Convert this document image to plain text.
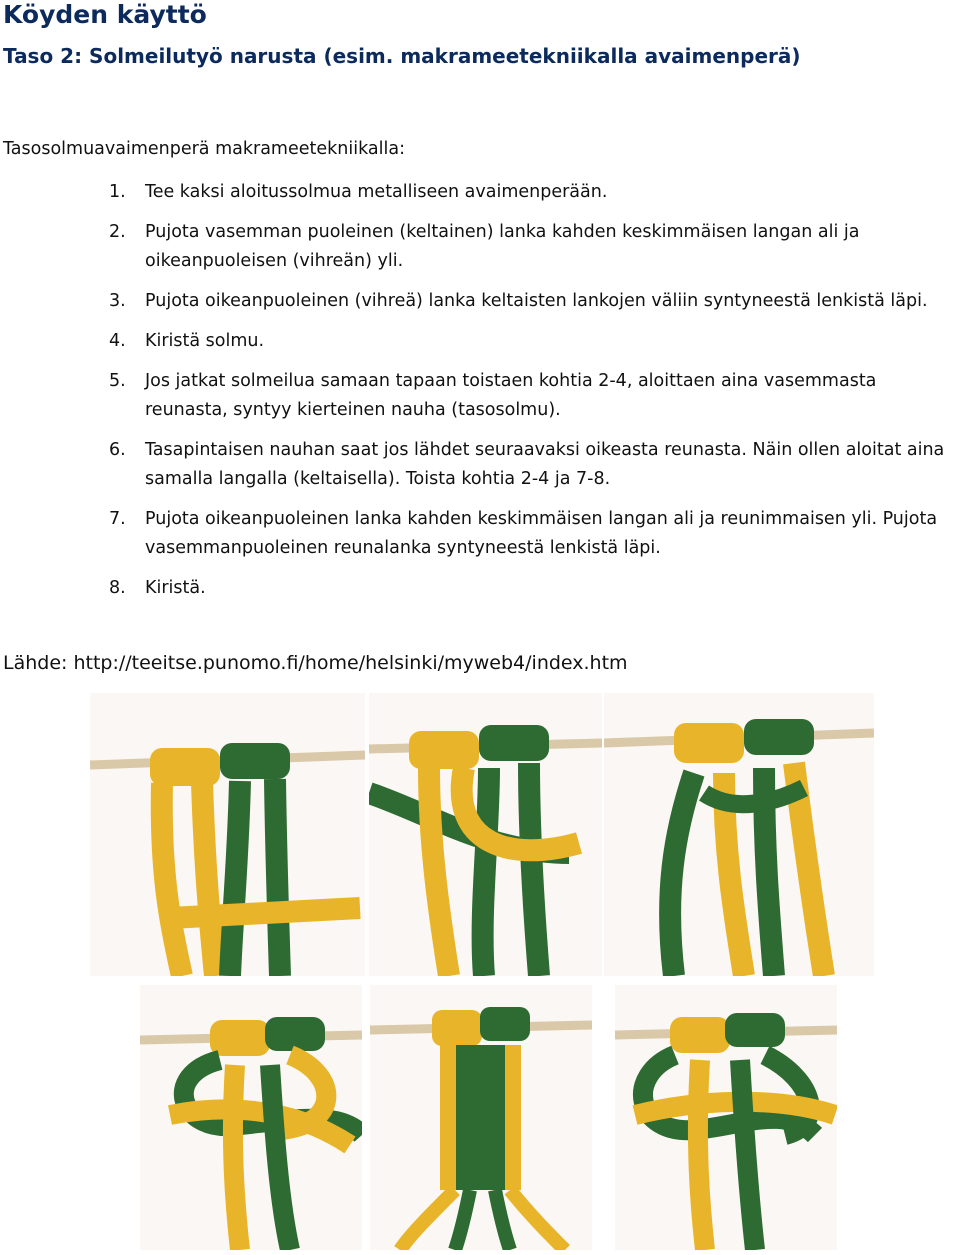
Köyden käyttö
Taso 2: Solmeilutyö narusta (esim. makrameetekniikalla avaimenperä)

Tasosolmuavaimenperä makrameetekniikalla:

1. Tee kaksi aloitussolmua metalliseen avaimenperään.
2. Pujota vasemman puoleinen (keltainen) lanka kahden keskimmäisen langan ali ja oikeanpuoleisen (vihreän) yli.
3. Pujota oikeanpuoleinen (vihreä) lanka keltaisten lankojen väliin syntyneestä lenkistä läpi.
4. Kiristä solmu.
5. Jos jatkat solmeilua samaan tapaan toistaen kohtia 2-4, aloittaen aina vasemmasta reunasta, syntyy kierteinen nauha (tasosolmu).
6. Tasapintaisen nauhan saat jos lähdet seuraavaksi oikeasta reunasta. Näin ollen aloitat aina samalla langalla (keltaisella). Toista kohtia 2-4 ja 7-8.
7. Pujota oikeanpuoleinen lanka kahden keskimmäisen langan ali ja reunimmaisen yli. Pujota vasemmanpuoleinen reunalanka syntyneestä lenkistä läpi.
8. Kiristä.

Lähde: http://teeitse.punomo.fi/home/helsinki/myweb4/index.htm
